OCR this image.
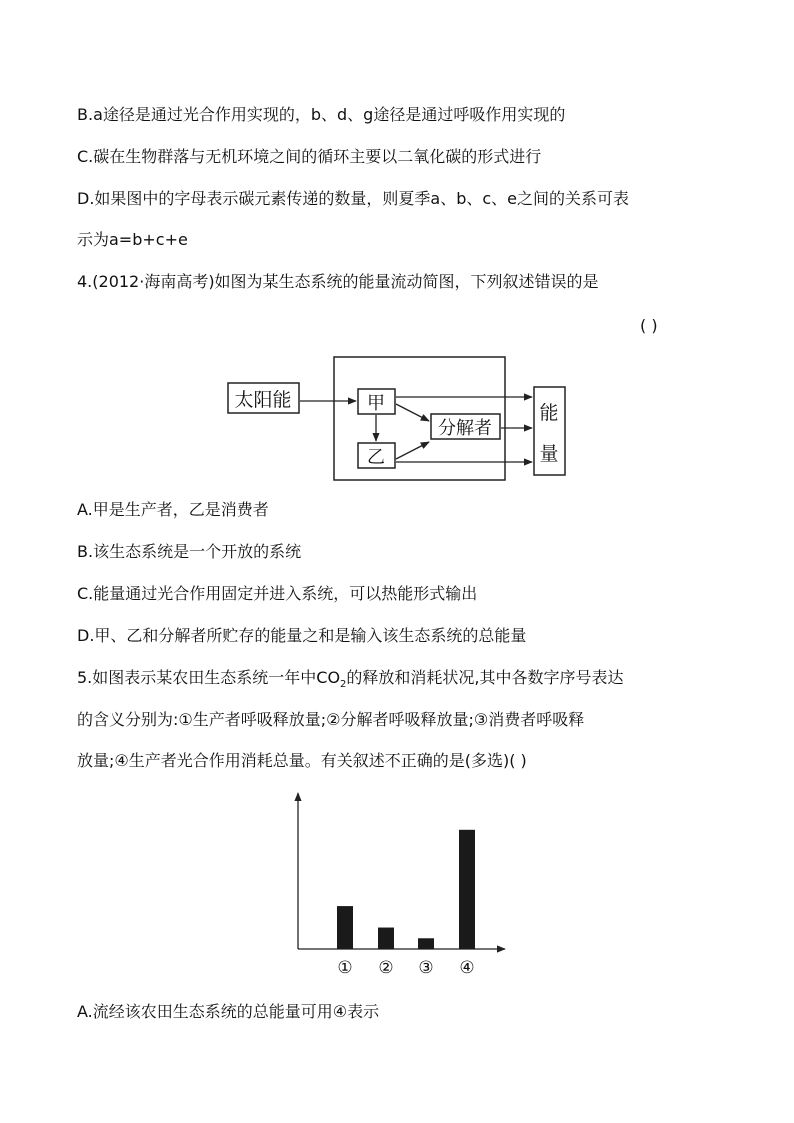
B.a途径是通过光合作用实现的，b、d、g途径是通过呼吸作用实现的
C.碳在生物群落与无机环境之间的循环主要以二氧化碳的形式进行
D.如果图中的字母表示碳元素传递的数量，则夏季a、b、c、e之间的关系可表
示为a=b+c+e
4.(2012·海南高考)如图为某生态系统的能量流动简图，下列叙述错误的是
( )
太阳能	甲
乙
分解者
能
量
A.甲是生产者，乙是消费者
B.该生态系统是一个开放的系统
C.能量通过光合作用固定并进入系统，可以热能形式输出
D.甲、乙和分解者所贮存的能量之和是输入该生态系统的总能量
5.如图表示某农田生态系统一年中$CO_2$的释放和消耗状况,其中各数字序号表达
的含义分别为:①生产者呼吸释放量;②分解者呼吸释放量;③消费者呼吸释
放量;④生产者光合作用消耗总量。有关叙述不正确的是(多选)( )
① ② ③ ④
A.流经该农田生态系统的总能量可用④表示
